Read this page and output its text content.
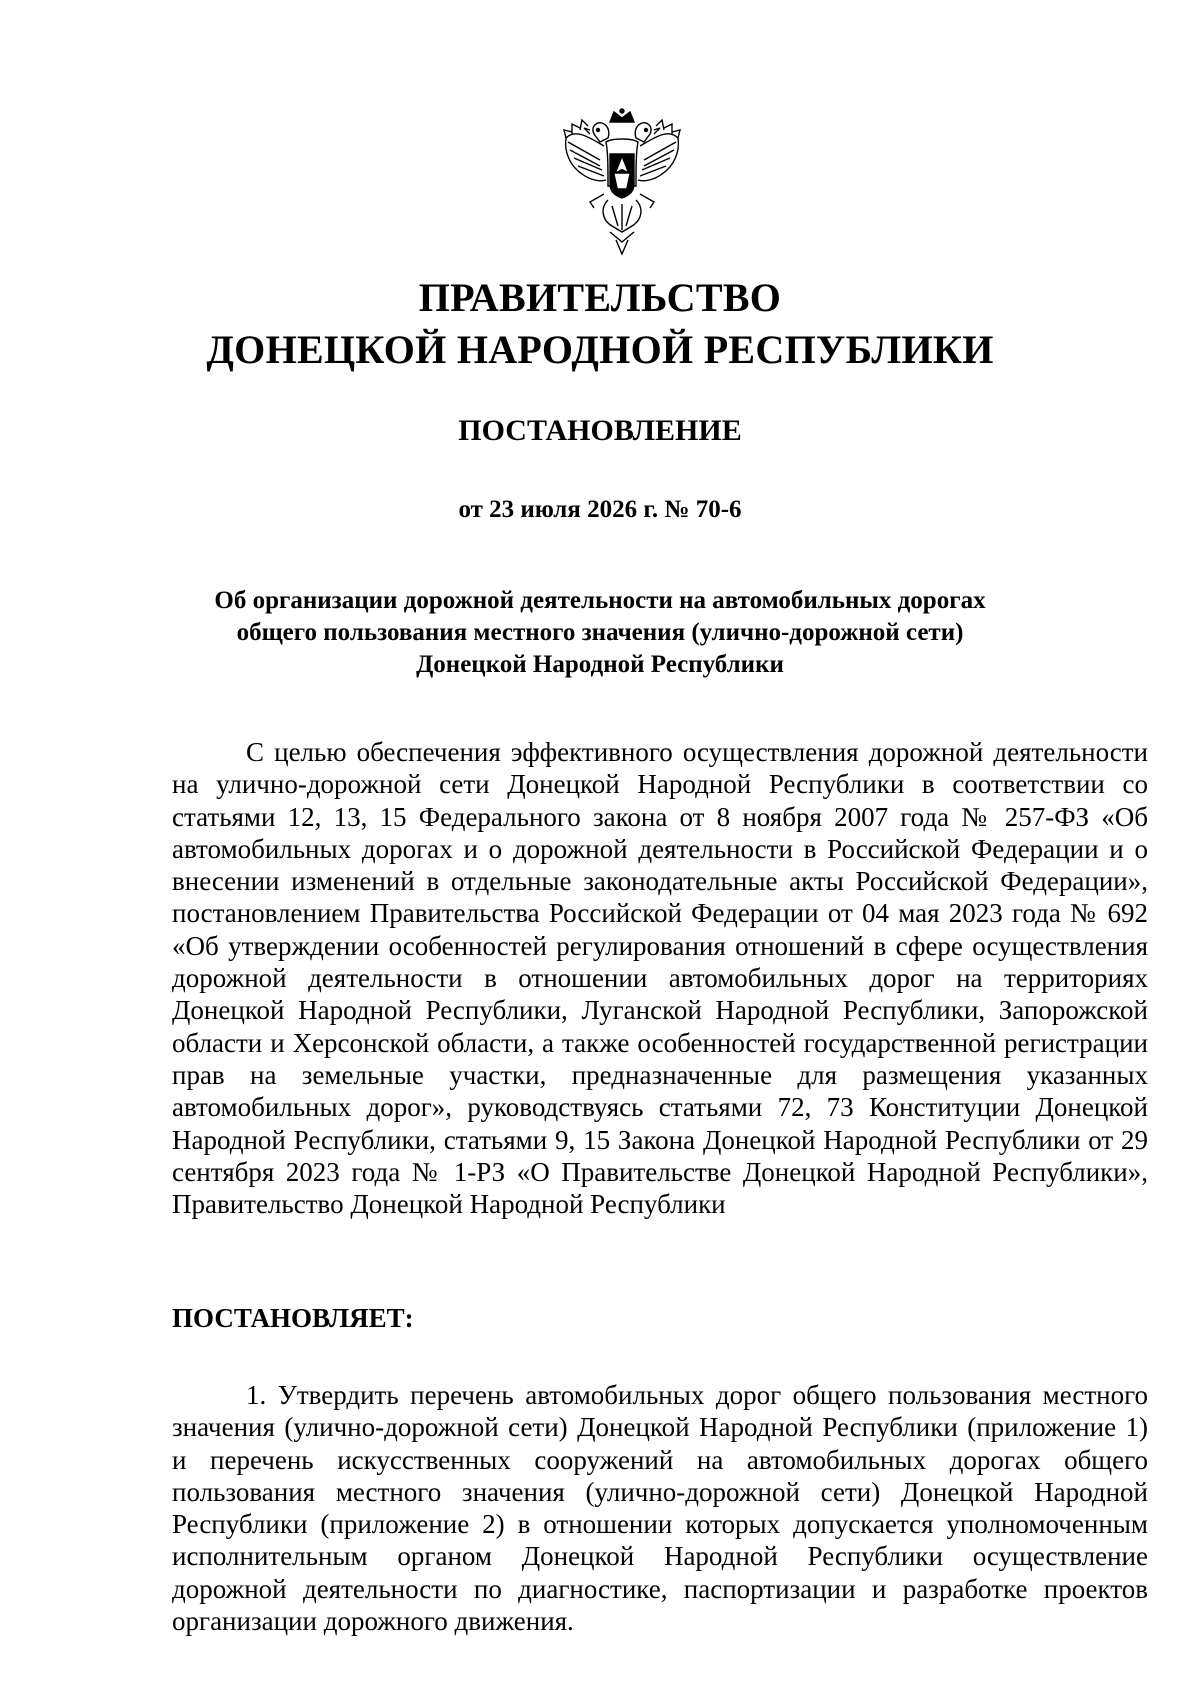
ПРАВИТЕЛЬСТВО
ДОНЕЦКОЙ НАРОДНОЙ РЕСПУБЛИКИ
ПОСТАНОВЛЕНИЕ
от 23 июля 2026 г. № 70-6
Об организации дорожной деятельности на автомобильных дорогах
общего пользования местного значения (улично-дорожной сети)
Донецкой Народной Республики

С целью обеспечения эффективного осуществления дорожной деятельности на улично-дорожной сети Донецкой Народной Республики в соответствии со статьями 12, 13, 15 Федерального закона от 8 ноября 2007 года № 257-ФЗ «Об автомобильных дорогах и о дорожной деятельности в Российской Федерации и о внесении изменений в отдельные законодательные акты Российской Федерации», постановлением Правительства Российской Федерации от 04 мая 2023 года № 692 «Об утверждении особенностей регулирования отношений в сфере осуществления дорожной деятельности в отношении автомобильных дорог на территориях Донецкой Народной Республики, Луганской Народной Республики, Запорожской области и Херсонской области, а также особенностей государственной регистрации прав на земельные участки, предназначенные для размещения указанных автомобильных дорог», руководствуясь статьями 72, 73 Конституции Донецкой Народной Республики, статьями 9, 15 Закона Донецкой Народной Республики от 29 сентября 2023 года № 1-РЗ «О Правительстве Донецкой Народной Республики», Правительство Донецкой Народной Республики

ПОСТАНОВЛЯЕТ:

1. Утвердить перечень автомобильных дорог общего пользования местного значения (улично-дорожной сети) Донецкой Народной Республики (приложение 1) и перечень искусственных сооружений на автомобильных дорогах общего пользования местного значения (улично-дорожной сети) Донецкой Народной Республики (приложение 2) в отношении которых допускается уполномоченным исполнительным органом Донецкой Народной Республики осуществление дорожной деятельности по диагностике, паспортизации и разработке проектов организации дорожного движения.
